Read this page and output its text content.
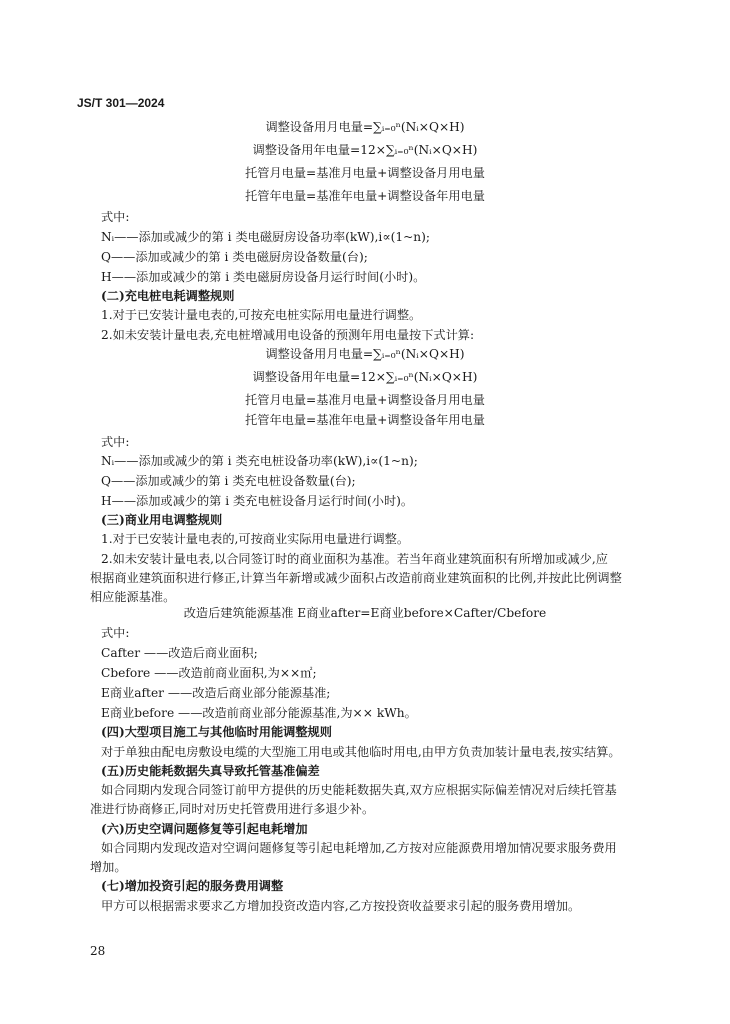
JS/T 301—2024
调整设备用月电量=∑ᵢ₌₀ⁿ(Nᵢ×Q×H)
调整设备用年电量=12×∑ᵢ₌₀ⁿ(Nᵢ×Q×H)
托管月电量=基准月电量+调整设备月用电量
托管年电量=基准年电量+调整设备年用电量
式中:
Nᵢ——添加或减少的第 i 类电磁厨房设备功率(kW),i∝(1~n);
Q——添加或减少的第 i 类电磁厨房设备数量(台);
H——添加或减少的第 i 类电磁厨房设备月运行时间(小时)。
(二)充电桩电耗调整规则
1.对于已安装计量电表的,可按充电桩实际用电量进行调整。
2.如未安装计量电表,充电桩增减用电设备的预测年用电量按下式计算:
调整设备用月电量=∑ᵢ₌₀ⁿ(Nᵢ×Q×H)
调整设备用年电量=12×∑ᵢ₌₀ⁿ(Nᵢ×Q×H)
托管月电量=基准月电量+调整设备月用电量
托管年电量=基准年电量+调整设备年用电量
式中:
Nᵢ——添加或减少的第 i 类充电桩设备功率(kW),i∝(1~n);
Q——添加或减少的第 i 类充电桩设备数量(台);
H——添加或减少的第 i 类充电桩设备月运行时间(小时)。
(三)商业用电调整规则
1.对于已安装计量电表的,可按商业实际用电量进行调整。
2.如未安装计量电表,以合同签订时的商业面积为基准。若当年商业建筑面积有所增加或减少,应
根据商业建筑面积进行修正,计算当年新增或减少面积占改造前商业建筑面积的比例,并按此比例调整
相应能源基准。
改造后建筑能源基准 E商业after=E商业before×Cafter/Cbefore
式中:
Cafter ——改造后商业面积;
Cbefore ——改造前商业面积,为××㎡;
E商业after ——改造后商业部分能源基准;
E商业before ——改造前商业部分能源基准,为×× kWh。
(四)大型项目施工与其他临时用能调整规则
对于单独由配电房敷设电缆的大型施工用电或其他临时用电,由甲方负责加装计量电表,按实结算。
(五)历史能耗数据失真导致托管基准偏差
如合同期内发现合同签订前甲方提供的历史能耗数据失真,双方应根据实际偏差情况对后续托管基
准进行协商修正,同时对历史托管费用进行多退少补。
(六)历史空调问题修复等引起电耗增加
如合同期内发现改造对空调问题修复等引起电耗增加,乙方按对应能源费用增加情况要求服务费用
增加。
(七)增加投资引起的服务费用调整
甲方可以根据需求要求乙方增加投资改造内容,乙方按投资收益要求引起的服务费用增加。
28
